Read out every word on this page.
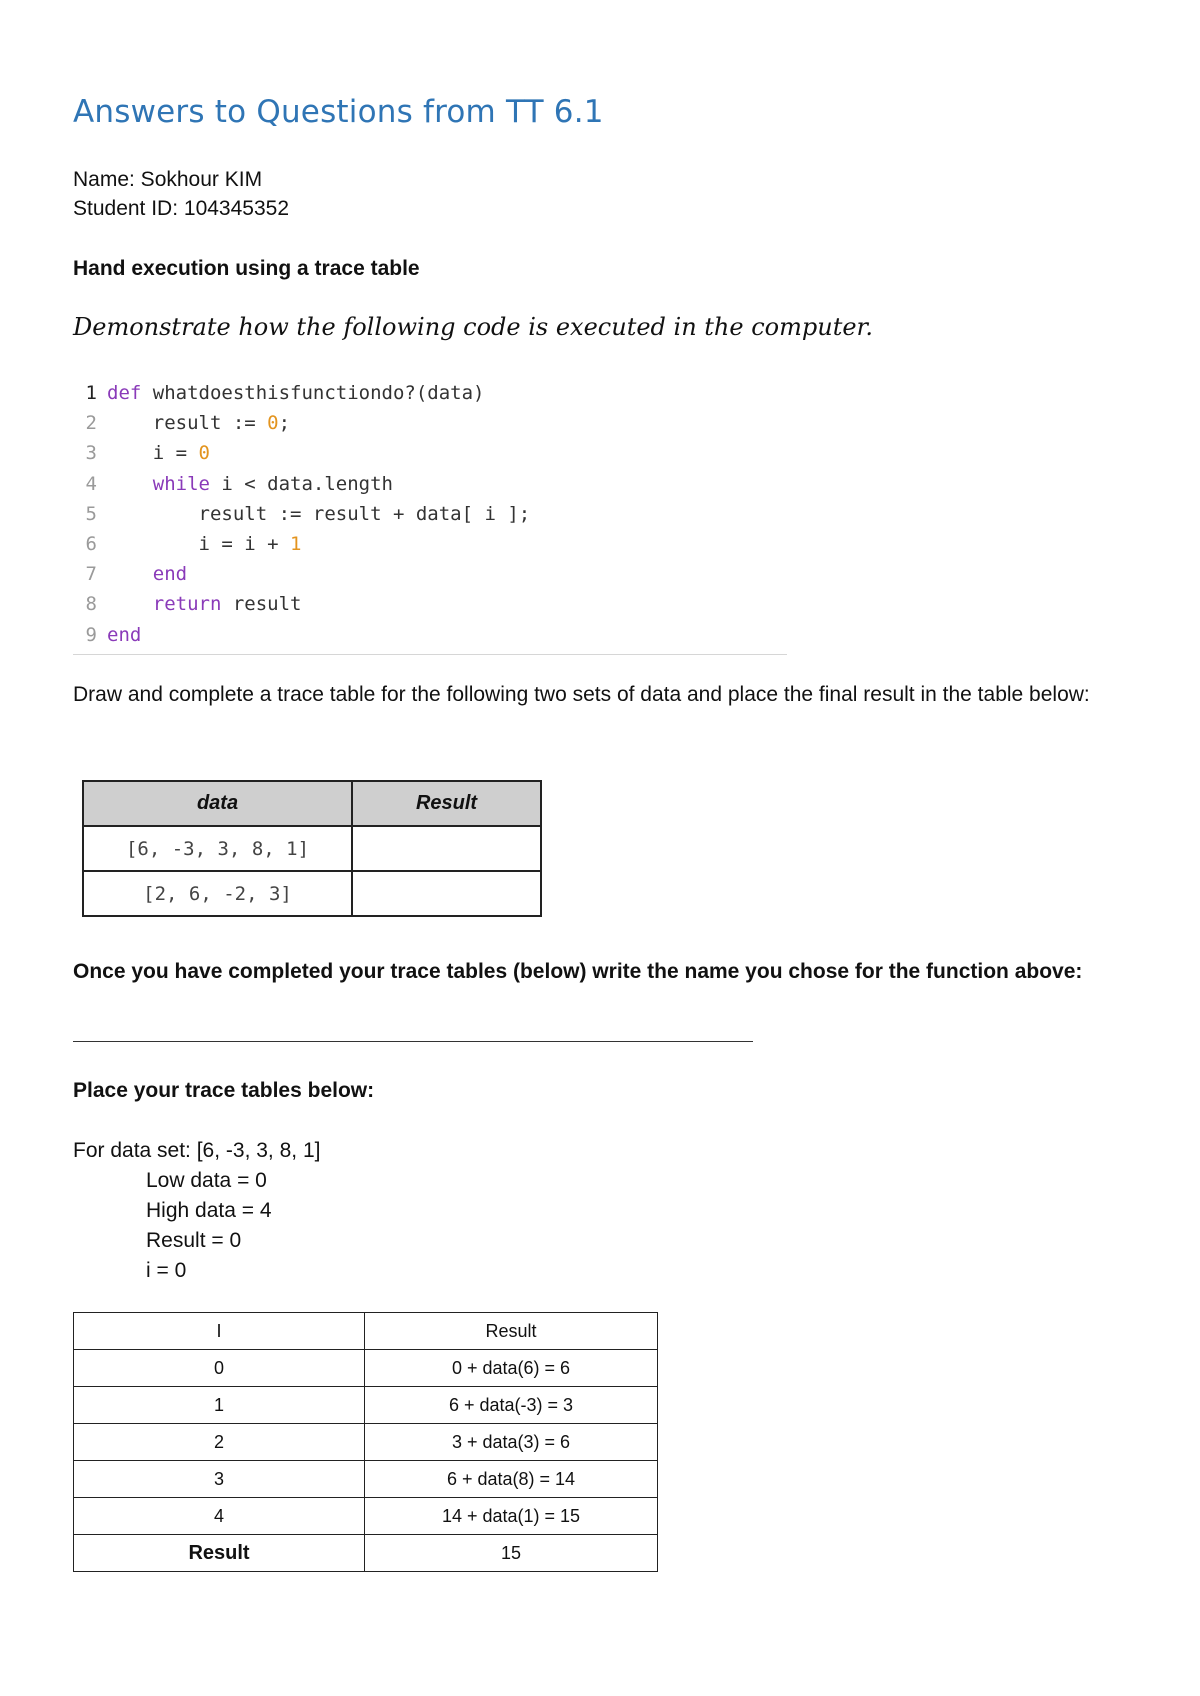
Answers to Questions from TT 6.1
Name: Sokhour KIM
Student ID: 104345352
Hand execution using a trace table
Demonstrate how the following code is executed in the computer.
1 def whatdoesthisfunctiondo?(data)
2	result := 0;
3	i = 0
4	while i < data.length
5	result := result + data[ i ];
6	i = i + 1
7	end
8	return result
9 end
Draw and complete a trace table for the following two sets of data and place the final result in the table below:
data	Result
[6, -3, 3, 8, 1]	
[2, 6, -2, 3]	
Once you have completed your trace tables (below) write the name you chose for the function above:
Place your trace tables below:
For data set: [6, -3, 3, 8, 1]
Low data = 0
High data = 4
Result = 0
i = 0
I	Result
0	0 + data(6) = 6
1	6 + data(-3) = 3
2	3 + data(3) = 6
3	6 + data(8) = 14
4	14 + data(1) = 15
Result	15
